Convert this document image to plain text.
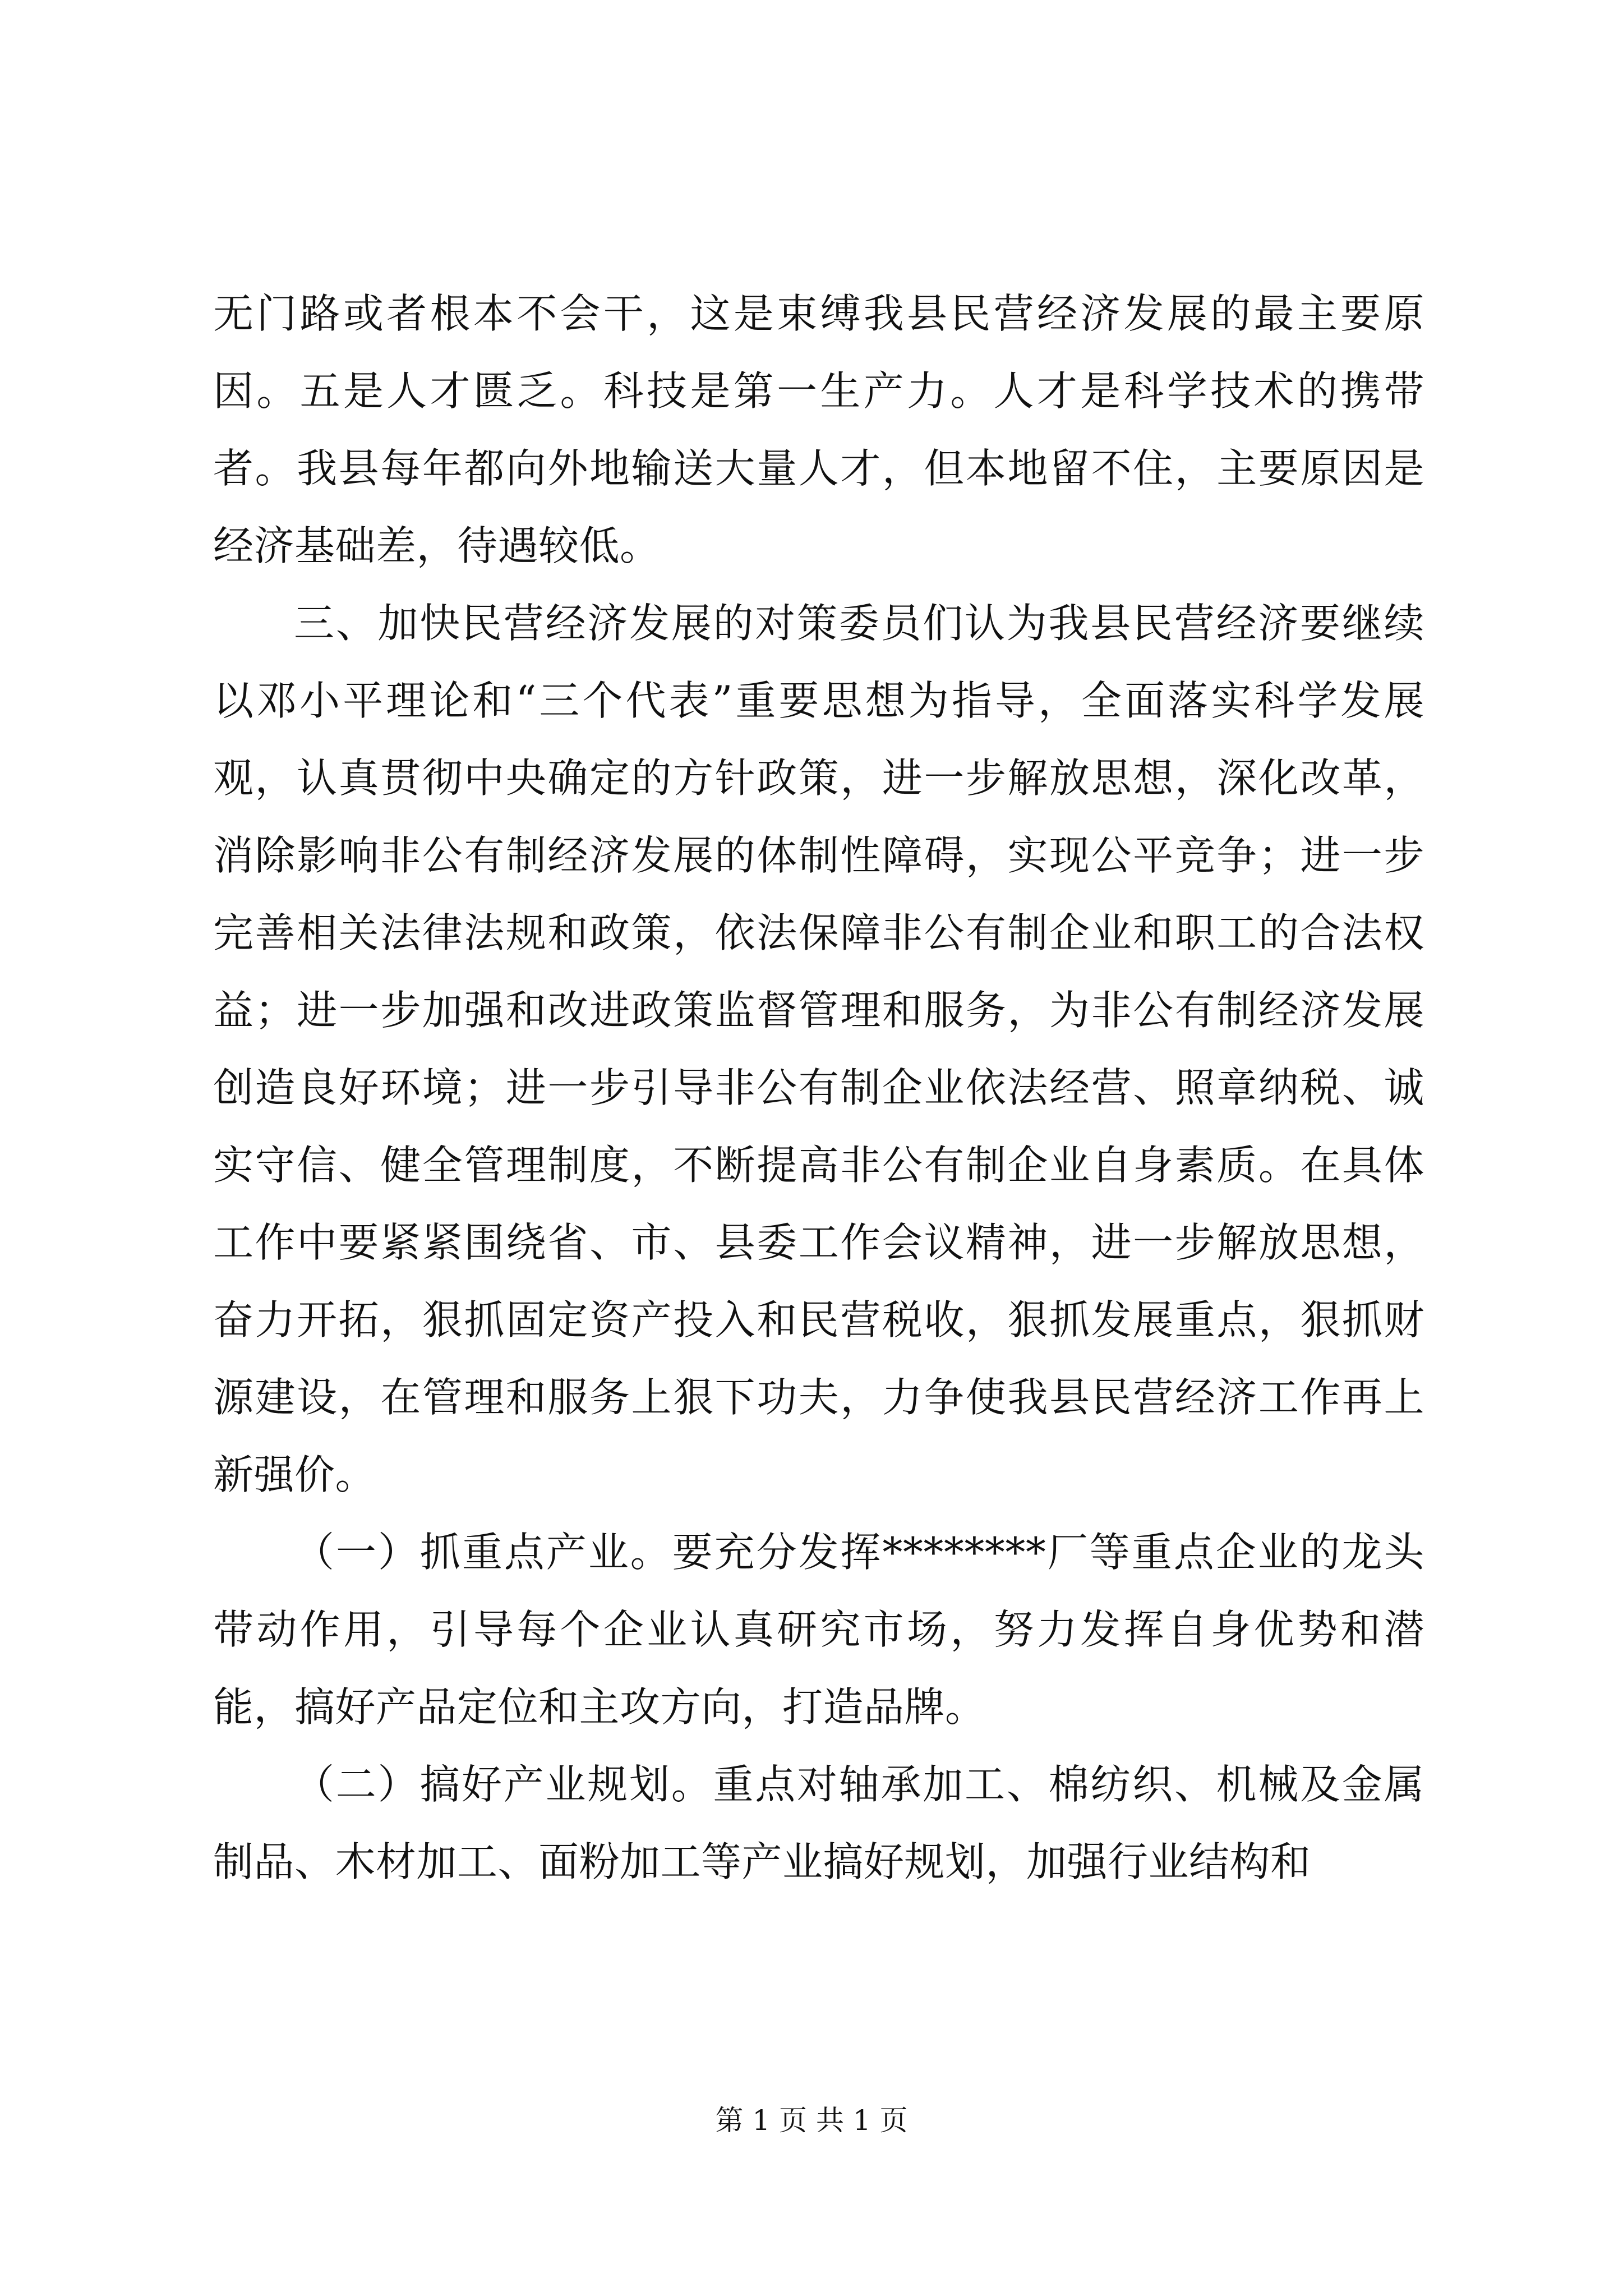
无门路或者根本不会干，这是束缚我县民营经济发展的最主要原因。五是人才匮乏。科技是第一生产力。人才是科学技术的携带者。我县每年都向外地输送大量人才，但本地留不住，主要原因是经济基础差，待遇较低。

三、加快民营经济发展的对策委员们认为我县民营经济要继续以邓小平理论和“三个代表”重要思想为指导，全面落实科学发展观，认真贯彻中央确定的方针政策，进一步解放思想，深化改革，消除影响非公有制经济发展的体制性障碍，实现公平竞争；进一步完善相关法律法规和政策，依法保障非公有制企业和职工的合法权益；进一步加强和改进政策监督管理和服务，为非公有制经济发展创造良好环境；进一步引导非公有制企业依法经营、照章纳税、诚实守信、健全管理制度，不断提高非公有制企业自身素质。在具体工作中要紧紧围绕省、市、县委工作会议精神，进一步解放思想，奋力开拓，狠抓固定资产投入和民营税收，狠抓发展重点，狠抓财源建设，在管理和服务上狠下功夫，力争使我县民营经济工作再上新强价。

（一）抓重点产业。要充分发挥********厂等重点企业的龙头带动作用，引导每个企业认真研究市场，努力发挥自身优势和潜能，搞好产品定位和主攻方向，打造品牌。

（二）搞好产业规划。重点对轴承加工、棉纺织、机械及金属制品、木材加工、面粉加工等产业搞好规划，加强行业结构和

第 1 页 共 1 页
